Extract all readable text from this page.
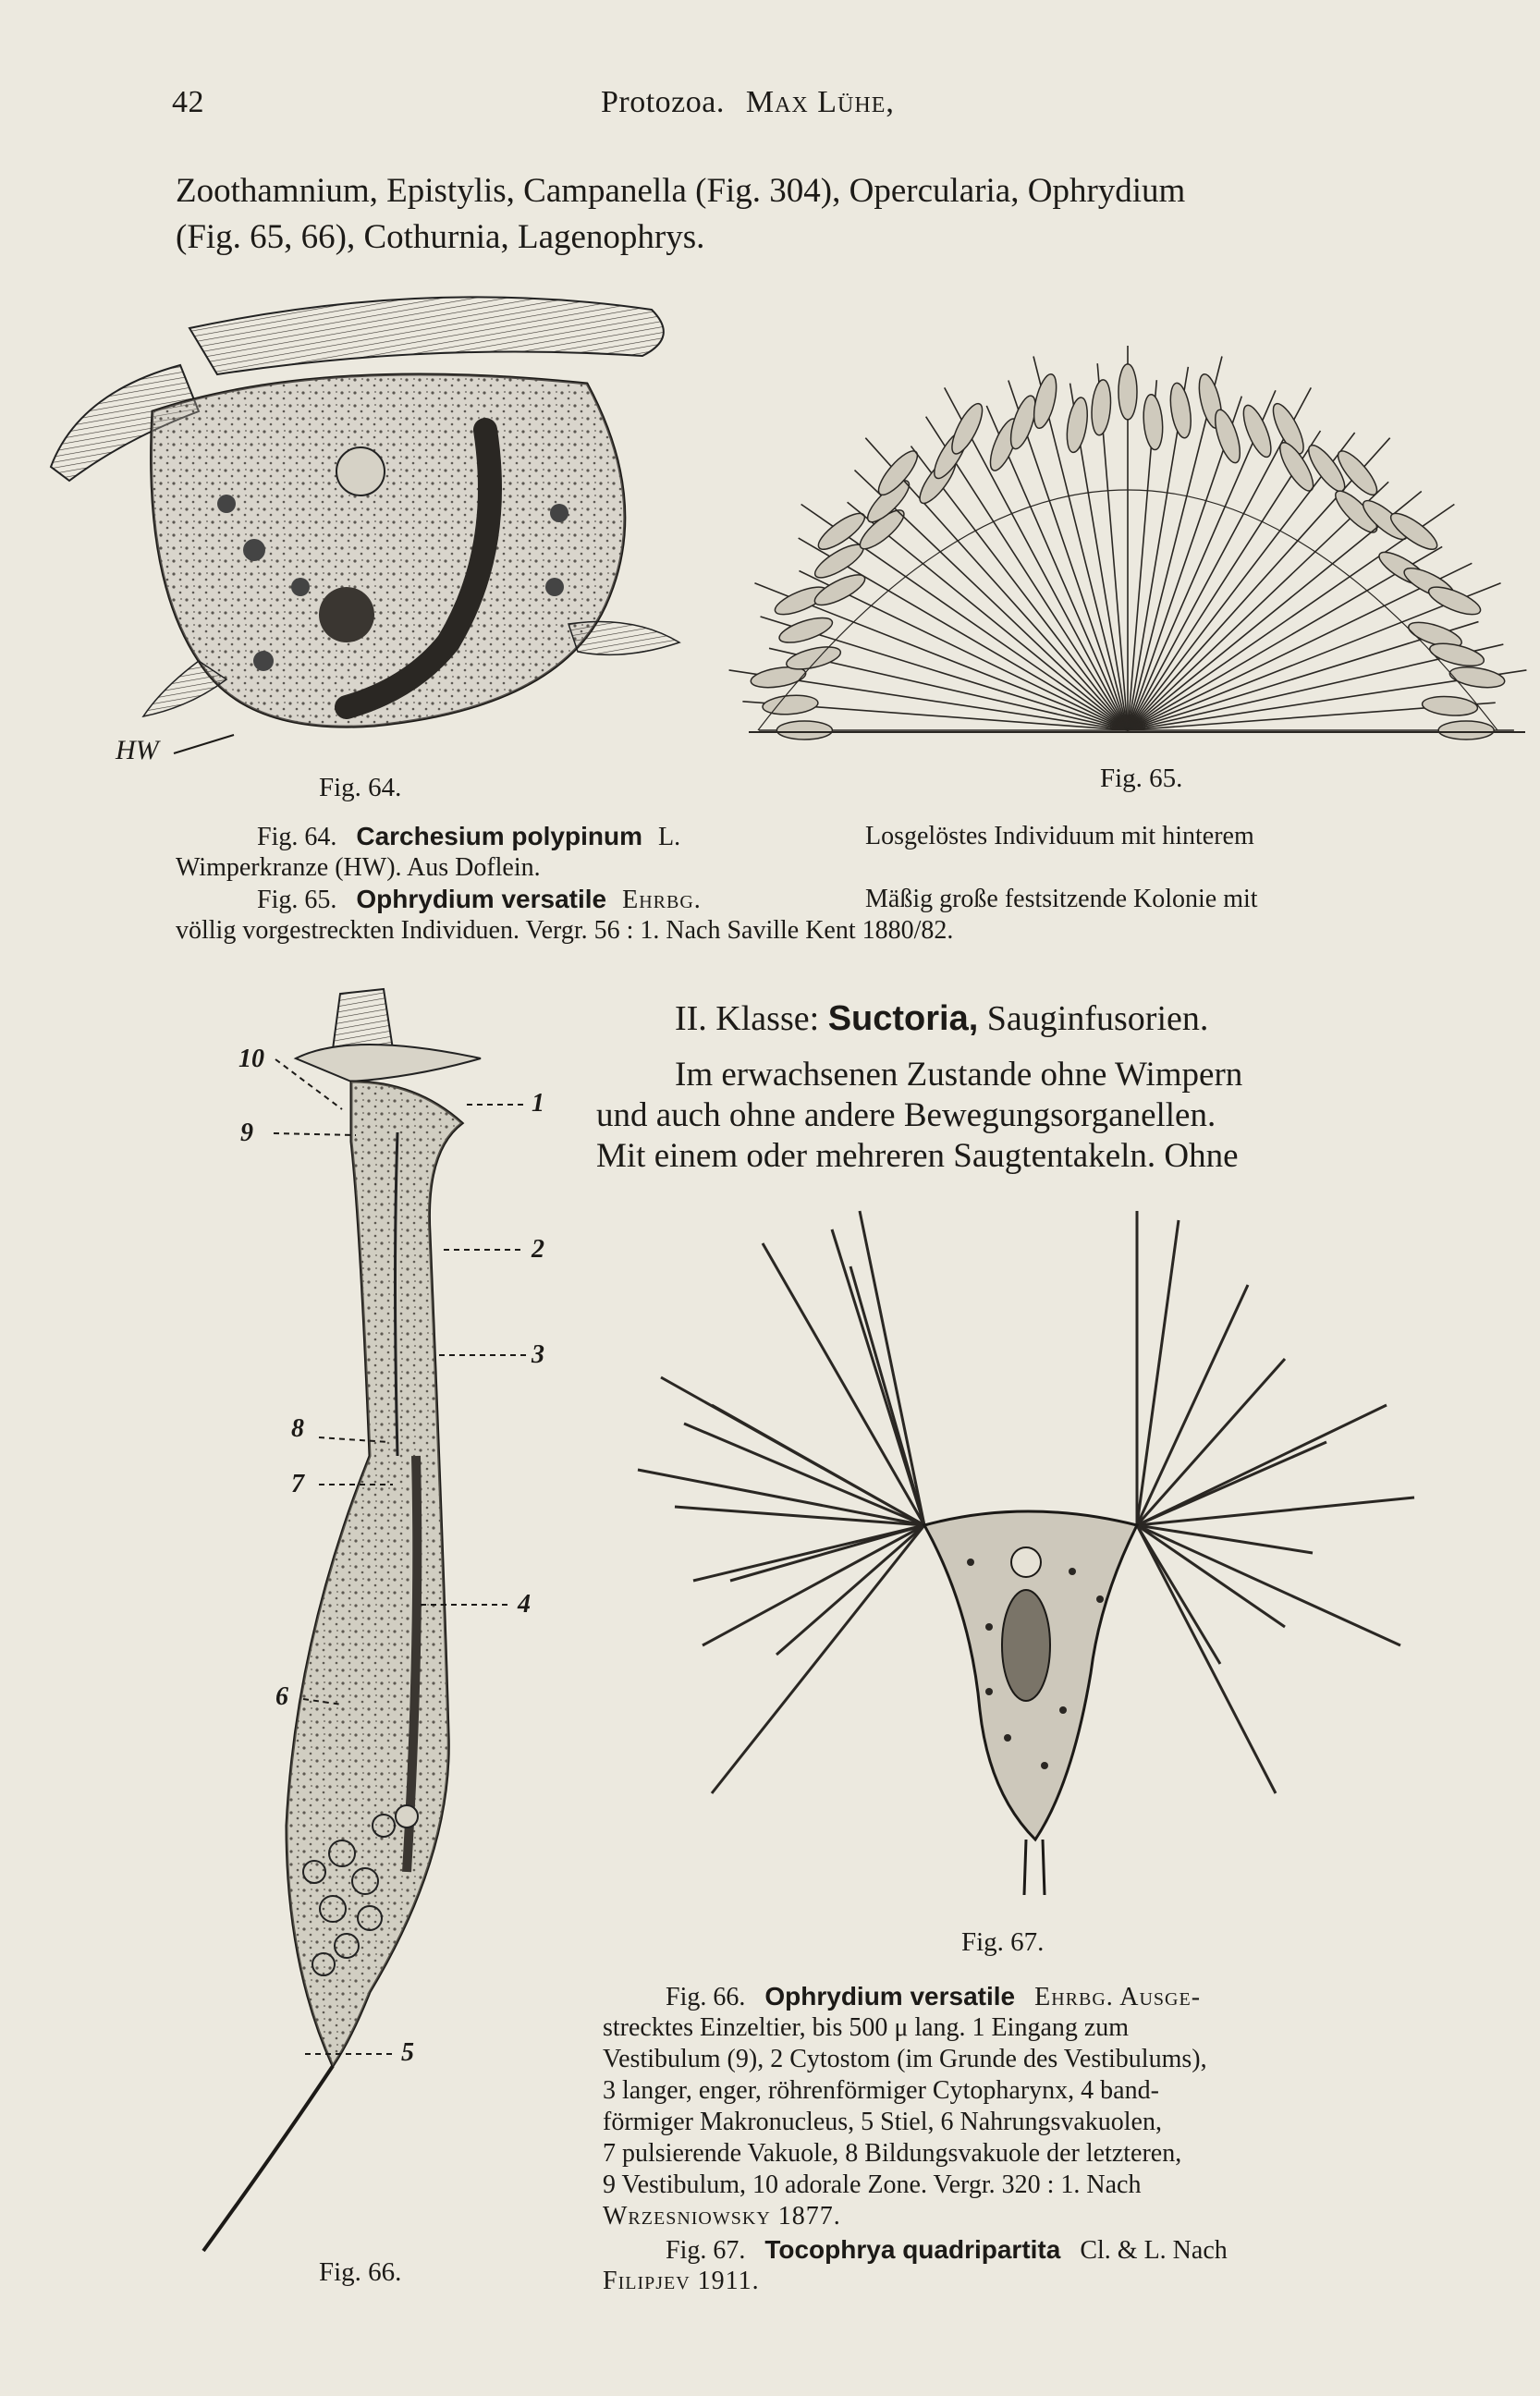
42	Protozoa. Max Lühe,
Zoothamnium, Epistylis, Campanella (Fig. 304), Opercularia, Ophrydium
(Fig. 65, 66), Cothurnia, Lagenophrys.
HW
Fig. 64.	Fig. 65.
Fig. 64. Carchesium polypinum L.	Losgelöstes Individuum mit hinterem
Wimperkranze (HW). Aus Doflein.
Fig. 65. Ophrydium versatile Ehrbg.	Mäßig große festsitzende Kolonie mit
völlig vorgestreckten Individuen. Vergr. 56 : 1. Nach Saville Kent 1880/82.
II. Klasse: Suctoria, Sauginfusorien.
Im erwachsenen Zustande ohne Wimpern
und auch ohne andere Bewegungsorganellen.
Mit einem oder mehreren Saugtentakeln. Ohne
10
9
1
2
3
8
7
4
6
5
Fig. 66.
Fig. 67.
Fig. 66. Ophrydium versatile Ehrbg. Ausge-
strecktes Einzeltier, bis 500 μ lang. 1 Eingang zum
Vestibulum (9), 2 Cytostom (im Grunde des Vestibulums),
3 langer, enger, röhrenförmiger Cytopharynx, 4 band-
förmiger Makronucleus, 5 Stiel, 6 Nahrungsvakuolen,
7 pulsierende Vakuole, 8 Bildungsvakuole der letzteren,
9 Vestibulum, 10 adorale Zone. Vergr. 320 : 1. Nach
Wrzesniowsky 1877.
Fig. 67. Tocophrya quadripartita Cl. & L. Nach
Filipjev 1911.
